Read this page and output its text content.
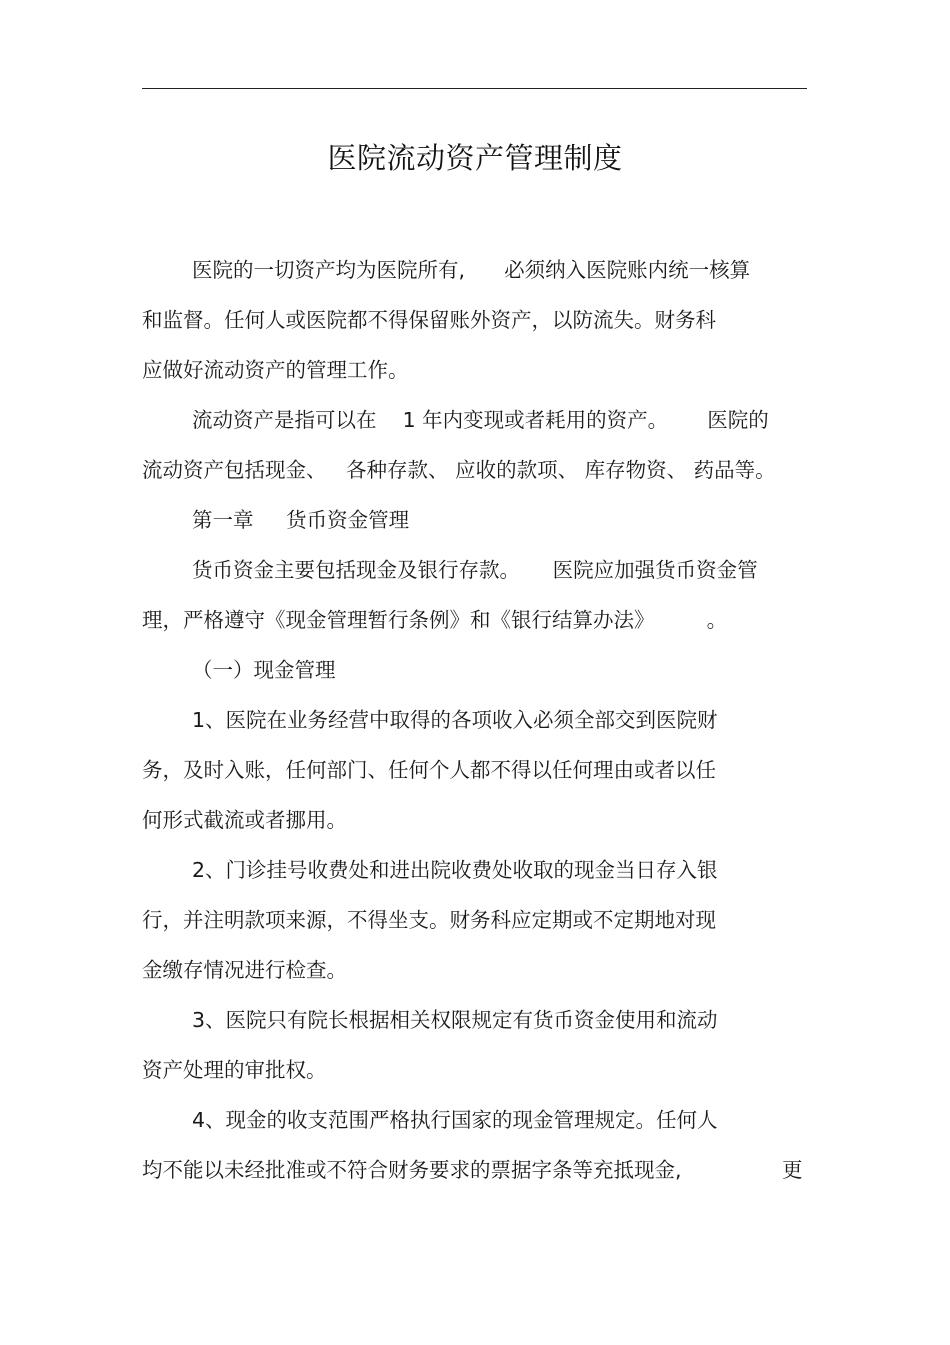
医院流动资产管理制度
医院的一切资产均为医院所有,      必须纳入医院账内统一核算
和监督。任何人或医院都不得保留账外资产，以防流失。财务科
应做好流动资产的管理工作。
流动资产是指可以在    1 年内变现或者耗用的资产。      医院的
流动资产包括现金、   各种存款、 应收的款项、 库存物资、 药品等。
第一章     货币资金管理
货币资金主要包括现金及银行存款。     医院应加强货币资金管
理，严格遵守《现金管理暂行条例》和《银行结算办法》        。
（一）现金管理
1、医院在业务经营中取得的各项收入必须全部交到医院财
务，及时入账，任何部门、任何个人都不得以任何理由或者以任
何形式截流或者挪用。
2、门诊挂号收费处和进出院收费处收取的现金当日存入银
行，并注明款项来源，不得坐支。财务科应定期或不定期地对现
金缴存情况进行检查。
3、医院只有院长根据相关权限规定有货币资金使用和流动
资产处理的审批权。
4、现金的收支范围严格执行国家的现金管理规定。任何人
均不能以未经批准或不符合财务要求的票据字条等充抵现金,	更
